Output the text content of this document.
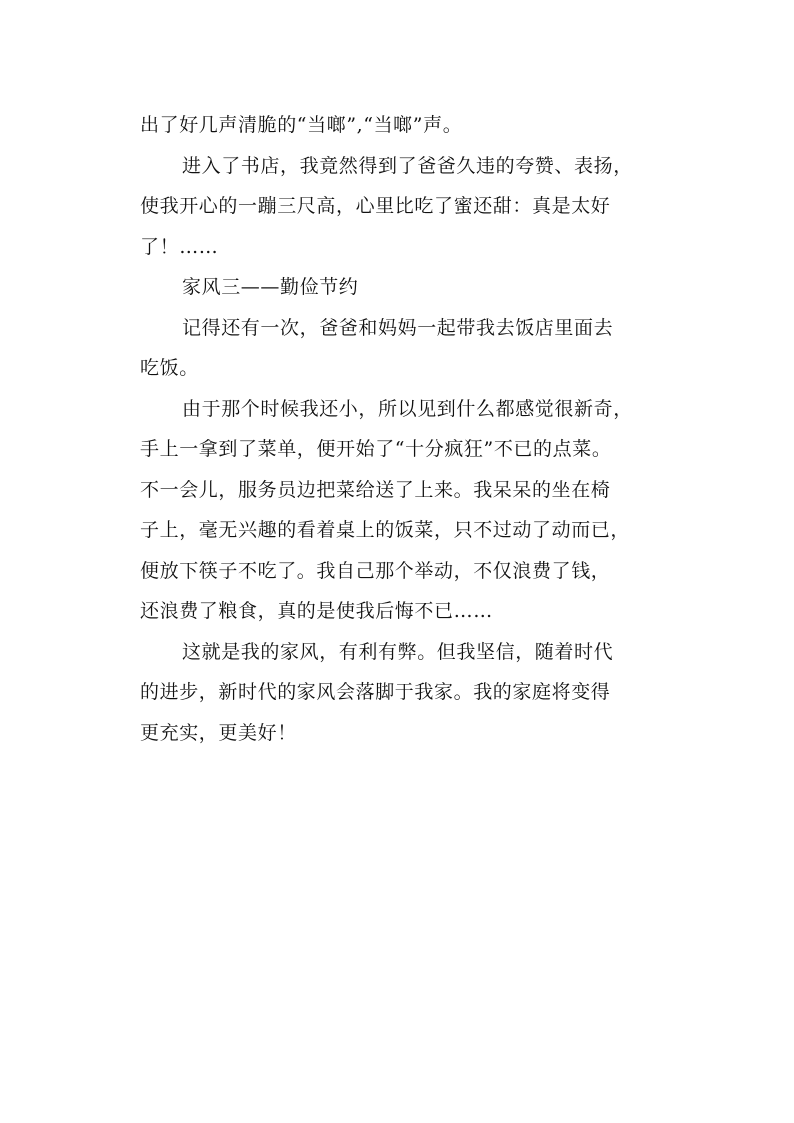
出了好几声清脆的“当啷”,“当啷”声。
进入了书店，我竟然得到了爸爸久违的夸赞、表扬，
使我开心的一蹦三尺高，心里比吃了蜜还甜：真是太好
了！……
家风三——勤俭节约
记得还有一次，爸爸和妈妈一起带我去饭店里面去
吃饭。
由于那个时候我还小，所以见到什么都感觉很新奇，
手上一拿到了菜单，便开始了“十分疯狂”不已的点菜。
不一会儿，服务员边把菜给送了上来。我呆呆的坐在椅
子上，毫无兴趣的看着桌上的饭菜，只不过动了动而已，
便放下筷子不吃了。我自己那个举动，不仅浪费了钱，
还浪费了粮食，真的是使我后悔不已……
这就是我的家风，有利有弊。但我坚信，随着时代
的进步，新时代的家风会落脚于我家。我的家庭将变得
更充实，更美好！
